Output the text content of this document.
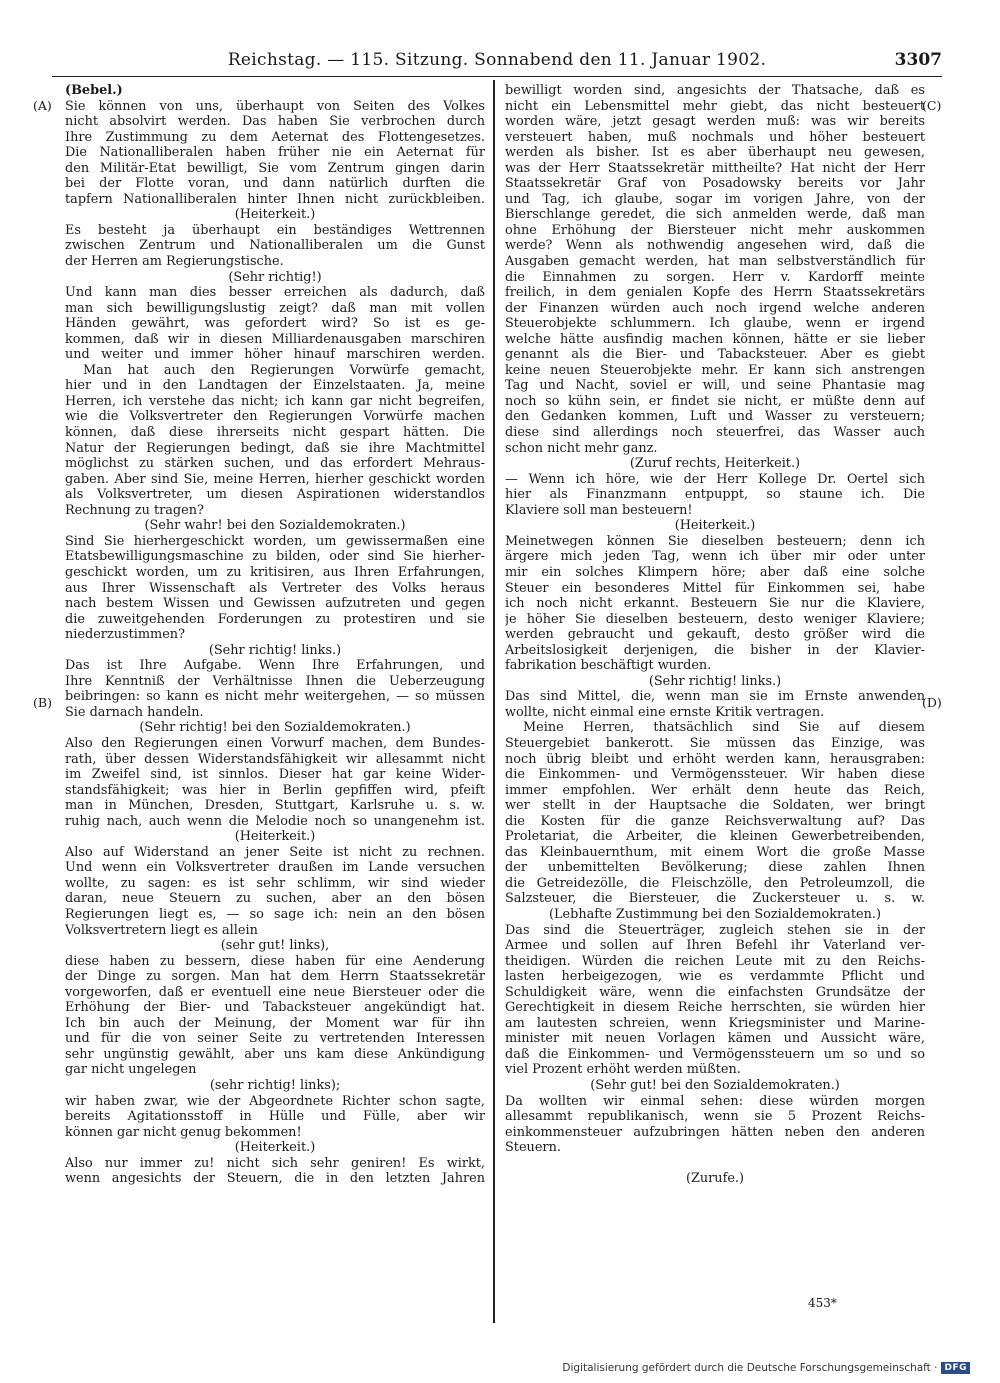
Reichstag. — 115. Sitzung. Sonnabend den 11. Januar 1902.	3307
(A)
(B)
(C)
(D)
(Bebel.)
Sie können von uns, überhaupt von Seiten des Volkes
nicht absolvirt werden. Das haben Sie verbrochen durch
Ihre Zustimmung zu dem Aeternat des Flottengesetzes.
Die Nationalliberalen haben früher nie ein Aeternat für
den Militär-Etat bewilligt, Sie vom Zentrum gingen darin
bei der Flotte voran, und dann natürlich durften die
tapfern Nationalliberalen hinter Ihnen nicht zurückbleiben.
(Heiterkeit.)
Es besteht ja überhaupt ein beständiges Wettrennen
zwischen Zentrum und Nationalliberalen um die Gunst
der Herren am Regierungstische.
(Sehr richtig!)
Und kann man dies besser erreichen als dadurch, daß
man sich bewilligungslustig zeigt? daß man mit vollen
Händen gewährt, was gefordert wird? So ist es ge-
kommen, daß wir in diesen Milliardenausgaben marschiren
und weiter und immer höher hinauf marschiren werden.
Man hat auch den Regierungen Vorwürfe gemacht,
hier und in den Landtagen der Einzelstaaten. Ja, meine
Herren, ich verstehe das nicht; ich kann gar nicht begreifen,
wie die Volksvertreter den Regierungen Vorwürfe machen
können, daß diese ihrerseits nicht gespart hätten. Die
Natur der Regierungen bedingt, daß sie ihre Machtmittel
möglichst zu stärken suchen, und das erfordert Mehraus-
gaben. Aber sind Sie, meine Herren, hierher geschickt worden
als Volksvertreter, um diesen Aspirationen widerstandlos
Rechnung zu tragen?
(Sehr wahr! bei den Sozialdemokraten.)
Sind Sie hierhergeschickt worden, um gewissermaßen eine
Etatsbewilligungsmaschine zu bilden, oder sind Sie hierher-
geschickt worden, um zu kritisiren, aus Ihren Erfahrungen,
aus Ihrer Wissenschaft als Vertreter des Volks heraus
nach bestem Wissen und Gewissen aufzutreten und gegen
die zuweitgehenden Forderungen zu protestiren und sie
niederzustimmen?
(Sehr richtig! links.)
Das ist Ihre Aufgabe. Wenn Ihre Erfahrungen, und
Ihre Kenntniß der Verhältnisse Ihnen die Ueberzeugung
beibringen: so kann es nicht mehr weitergehen, — so müssen
Sie darnach handeln.
(Sehr richtig! bei den Sozialdemokraten.)
Also den Regierungen einen Vorwurf machen, dem Bundes-
rath, über dessen Widerstandsfähigkeit wir allesammt nicht
im Zweifel sind, ist sinnlos. Dieser hat gar keine Wider-
standsfähigkeit; was hier in Berlin gepfiffen wird, pfeift
man in München, Dresden, Stuttgart, Karlsruhe u. s. w.
ruhig nach, auch wenn die Melodie noch so unangenehm ist.
(Heiterkeit.)
Also auf Widerstand an jener Seite ist nicht zu rechnen.
Und wenn ein Volksvertreter draußen im Lande versuchen
wollte, zu sagen: es ist sehr schlimm, wir sind wieder
daran, neue Steuern zu suchen, aber an den bösen
Regierungen liegt es, — so sage ich: nein an den bösen
Volksvertretern liegt es allein
(sehr gut! links),
diese haben zu bessern, diese haben für eine Aenderung
der Dinge zu sorgen. Man hat dem Herrn Staatssekretär
vorgeworfen, daß er eventuell eine neue Biersteuer oder die
Erhöhung der Bier- und Tabacksteuer angekündigt hat.
Ich bin auch der Meinung, der Moment war für ihn
und für die von seiner Seite zu vertretenden Interessen
sehr ungünstig gewählt, aber uns kam diese Ankündigung
gar nicht ungelegen
(sehr richtig! links);
wir haben zwar, wie der Abgeordnete Richter schon sagte,
bereits Agitationsstoff in Hülle und Fülle, aber wir
können gar nicht genug bekommen!
(Heiterkeit.)
Also nur immer zu! nicht sich sehr geniren! Es wirkt,
wenn angesichts der Steuern, die in den letzten Jahren
bewilligt worden sind, angesichts der Thatsache, daß es
nicht ein Lebensmittel mehr giebt, das nicht besteuert
worden wäre, jetzt gesagt werden muß: was wir bereits
versteuert haben, muß nochmals und höher besteuert
werden als bisher. Ist es aber überhaupt neu gewesen,
was der Herr Staatssekretär mittheilte? Hat nicht der Herr
Staatssekretär Graf von Posadowsky bereits vor Jahr
und Tag, ich glaube, sogar im vorigen Jahre, von der
Bierschlange geredet, die sich anmelden werde, daß man
ohne Erhöhung der Biersteuer nicht mehr auskommen
werde? Wenn als nothwendig angesehen wird, daß die
Ausgaben gemacht werden, hat man selbstverständlich für
die Einnahmen zu sorgen. Herr v. Kardorff meinte
freilich, in dem genialen Kopfe des Herrn Staatssekretärs
der Finanzen würden auch noch irgend welche anderen
Steuerobjekte schlummern. Ich glaube, wenn er irgend
welche hätte ausfindig machen können, hätte er sie lieber
genannt als die Bier- und Tabacksteuer. Aber es giebt
keine neuen Steuerobjekte mehr. Er kann sich anstrengen
Tag und Nacht, soviel er will, und seine Phantasie mag
noch so kühn sein, er findet sie nicht, er müßte denn auf
den Gedanken kommen, Luft und Wasser zu versteuern;
diese sind allerdings noch steuerfrei, das Wasser auch
schon nicht mehr ganz.
(Zuruf rechts, Heiterkeit.)
— Wenn ich höre, wie der Herr Kollege Dr. Oertel sich
hier als Finanzmann entpuppt, so staune ich. Die
Klaviere soll man besteuern!
(Heiterkeit.)
Meinetwegen können Sie dieselben besteuern; denn ich
ärgere mich jeden Tag, wenn ich über mir oder unter
mir ein solches Klimpern höre; aber daß eine solche
Steuer ein besonderes Mittel für Einkommen sei, habe
ich noch nicht erkannt. Besteuern Sie nur die Klaviere,
je höher Sie dieselben besteuern, desto weniger Klaviere;
werden gebraucht und gekauft, desto größer wird die
Arbeitslosigkeit derjenigen, die bisher in der Klavier-
fabrikation beschäftigt wurden.
(Sehr richtig! links.)
Das sind Mittel, die, wenn man sie im Ernste anwenden
wollte, nicht einmal eine ernste Kritik vertragen.
Meine Herren, thatsächlich sind Sie auf diesem
Steuergebiet bankerott. Sie müssen das Einzige, was
noch übrig bleibt und erhöht werden kann, herausgraben:
die Einkommen- und Vermögenssteuer. Wir haben diese
immer empfohlen. Wer erhält denn heute das Reich,
wer stellt in der Hauptsache die Soldaten, wer bringt
die Kosten für die ganze Reichsverwaltung auf? Das
Proletariat, die Arbeiter, die kleinen Gewerbetreibenden,
das Kleinbauernthum, mit einem Wort die große Masse
der unbemittelten Bevölkerung; diese zahlen Ihnen
die Getreidezölle, die Fleischzölle, den Petroleumzoll, die
Salzsteuer, die Biersteuer, die Zuckersteuer u. s. w.
(Lebhafte Zustimmung bei den Sozialdemokraten.)
Das sind die Steuerträger, zugleich stehen sie in der
Armee und sollen auf Ihren Befehl ihr Vaterland ver-
theidigen. Würden die reichen Leute mit zu den Reichs-
lasten herbeigezogen, wie es verdammte Pflicht und
Schuldigkeit wäre, wenn die einfachsten Grundsätze der
Gerechtigkeit in diesem Reiche herrschten, sie würden hier
am lautesten schreien, wenn Kriegsminister und Marine-
minister mit neuen Vorlagen kämen und Aussicht wäre,
daß die Einkommen- und Vermögenssteuern um so und so
viel Prozent erhöht werden müßten.
(Sehr gut! bei den Sozialdemokraten.)
Da wollten wir einmal sehen: diese würden morgen
allesammt republikanisch, wenn sie 5 Prozent Reichs-
einkommensteuer aufzubringen hätten neben den anderen
Steuern.
(Zurufe.)
453*
Digitalisierung gefördert durch die Deutsche Forschungsgemeinschaft · DFG
